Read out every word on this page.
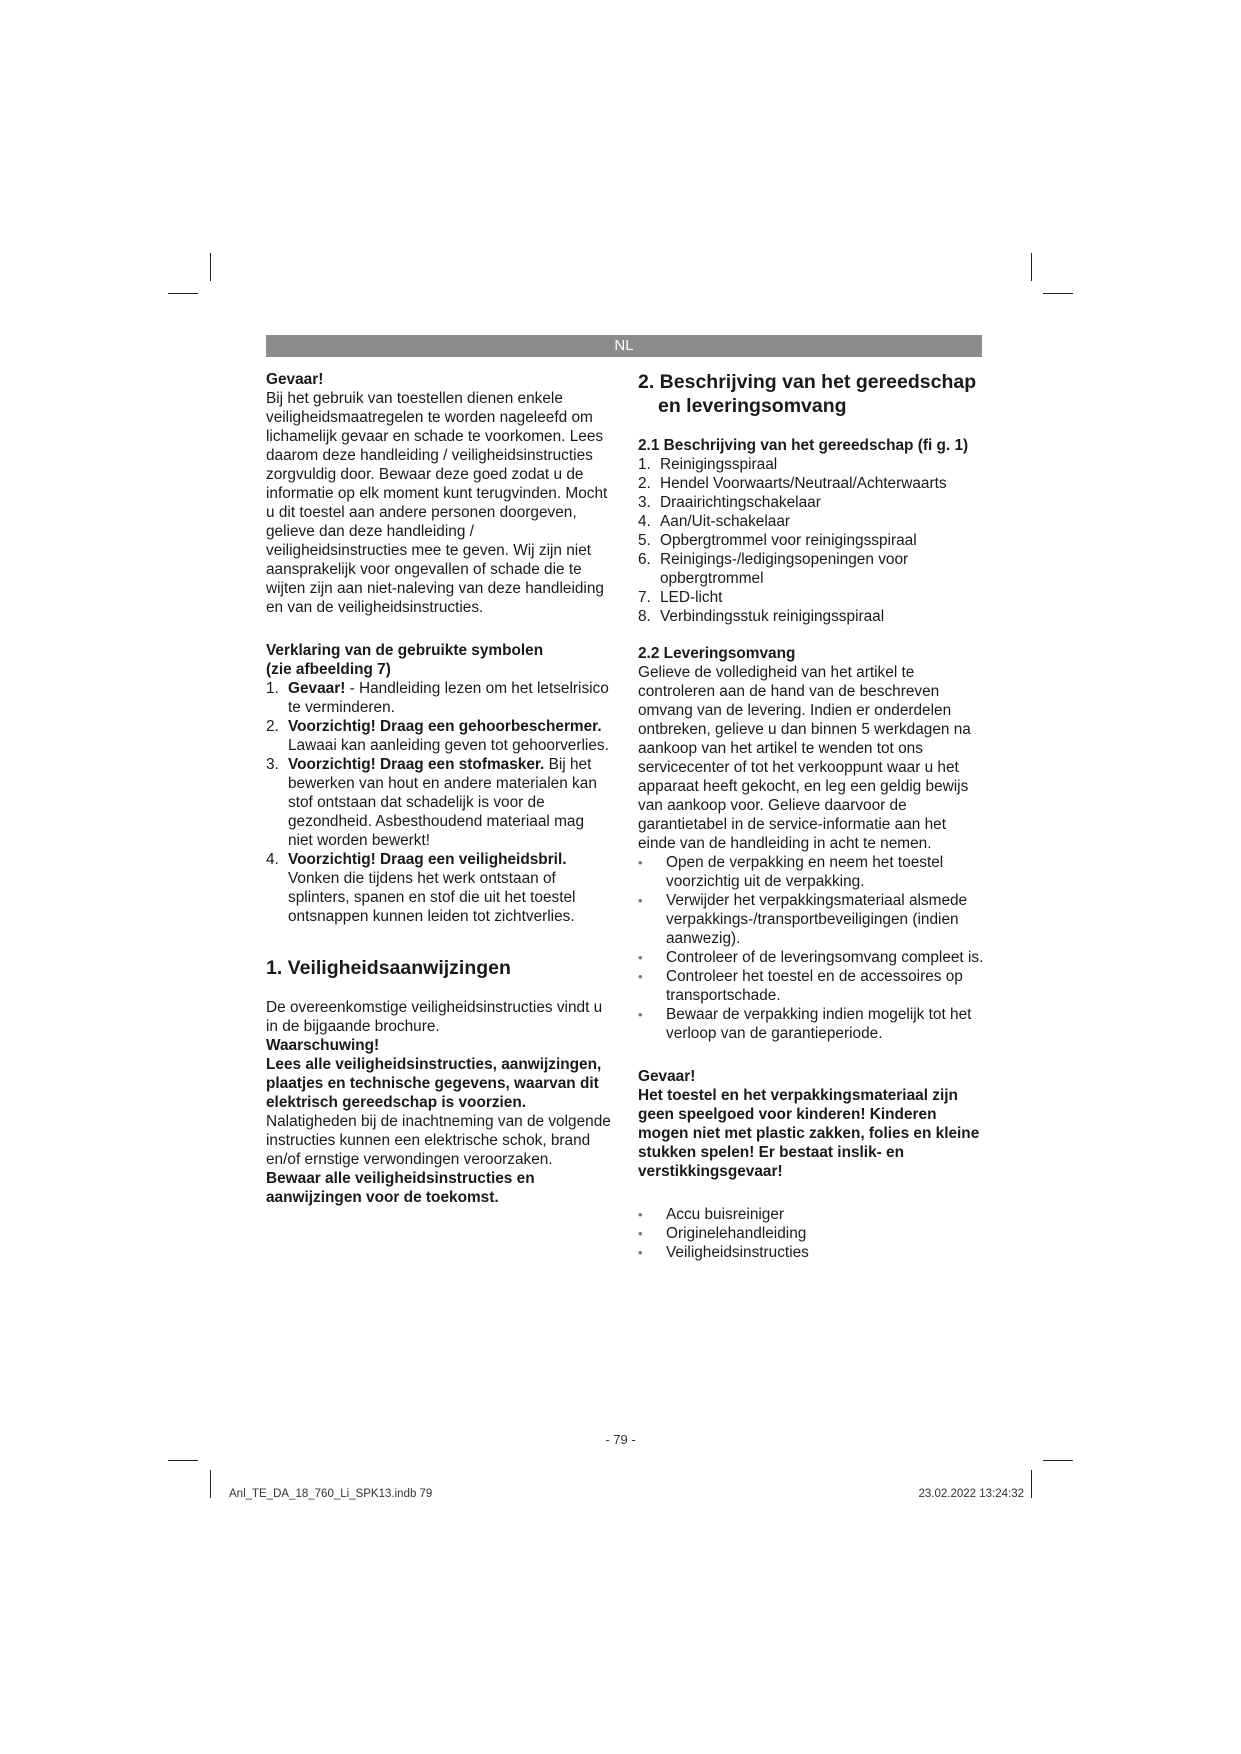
NL

Gevaar!

Bij het gebruik van toestellen dienen enkele veiligheidsmaatregelen te worden nageleefd om lichamelijk gevaar en schade te voorkomen. Lees daarom deze handleiding / veiligheidsinstructies zorgvuldig door. Bewaar deze goed zodat u de informatie op elk moment kunt terugvinden. Mocht u dit toestel aan andere personen doorgeven, gelieve dan deze handleiding / veiligheidsinstructies mee te geven. Wij zijn niet aansprakelijk voor ongevallen of schade die te wijten zijn aan niet-naleving van deze handleiding en van de veiligheidsinstructies.

Verklaring van de gebruikte symbolen

(zie afbeelding 7)

1. Gevaar! - Handleiding lezen om het letselrisico te verminderen.
2. Voorzichtig! Draag een gehoorbeschermer. Lawaai kan aanleiding geven tot gehoorverlies.
3. Voorzichtig! Draag een stofmasker. Bij het bewerken van hout en andere materialen kan stof ontstaan dat schadelijk is voor de gezondheid. Asbesthoudend materiaal mag niet worden bewerkt!
4. Voorzichtig! Draag een veiligheidsbril. Vonken die tijdens het werk ontstaan of splinters, spanen en stof die uit het toestel ontsnappen kunnen leiden tot zichtverlies.

1. Veiligheidsaanwijzingen

De overeenkomstige veiligheidsinstructies vindt u in de bijgaande brochure.

Waarschuwing!

Lees alle veiligheidsinstructies, aanwijzingen, plaatjes en technische gegevens, waarvan dit elektrisch gereedschap is voorzien.

Nalatigheden bij de inachtneming van de volgende instructies kunnen een elektrische schok, brand en/of ernstige verwondingen veroorzaken.

Bewaar alle veiligheidsinstructies en aanwijzingen voor de toekomst.

2. Beschrijving van het gereedschap

en leveringsomvang

2.1 Beschrijving van het gereedschap (fi g. 1)

1. Reinigingsspiraal
2. Hendel Voorwaarts/Neutraal/Achterwaarts
3. Draairichtingschakelaar
4. Aan/Uit-schakelaar
5. Opbergtrommel voor reinigingsspiraal
6. Reinigings-/ledigingsopeningen voor opbergtrommel
7. LED-licht
8. Verbindingsstuk reinigingsspiraal

2.2 Leveringsomvang

Gelieve de volledigheid van het artikel te controleren aan de hand van de beschreven omvang van de levering. Indien er onderdelen ontbreken, gelieve u dan binnen 5 werkdagen na aankoop van het artikel te wenden tot ons servicecenter of tot het verkooppunt waar u het apparaat heeft gekocht, en leg een geldig bewijs van aankoop voor. Gelieve daarvoor de garantietabel in de service-informatie aan het einde van de handleiding in acht te nemen.

• Open de verpakking en neem het toestel voorzichtig uit de verpakking.
• Verwijder het verpakkingsmateriaal alsmede verpakkings-/transportbeveiligingen (indien aanwezig).
• Controleer of de leveringsomvang compleet is.
• Controleer het toestel en de accessoires op transportschade.
• Bewaar de verpakking indien mogelijk tot het verloop van de garantieperiode.

Gevaar!

Het toestel en het verpakkingsmateriaal zijn geen speelgoed voor kinderen! Kinderen mogen niet met plastic zakken, folies en kleine stukken spelen! Er bestaat inslik- en verstikkingsgevaar!

• Accu buisreiniger
• Originelehandleiding
• Veiligheidsinstructies
- 79 -
Anl_TE_DA_18_760_Li_SPK13.indb 79	23.02.2022 13:24:32
